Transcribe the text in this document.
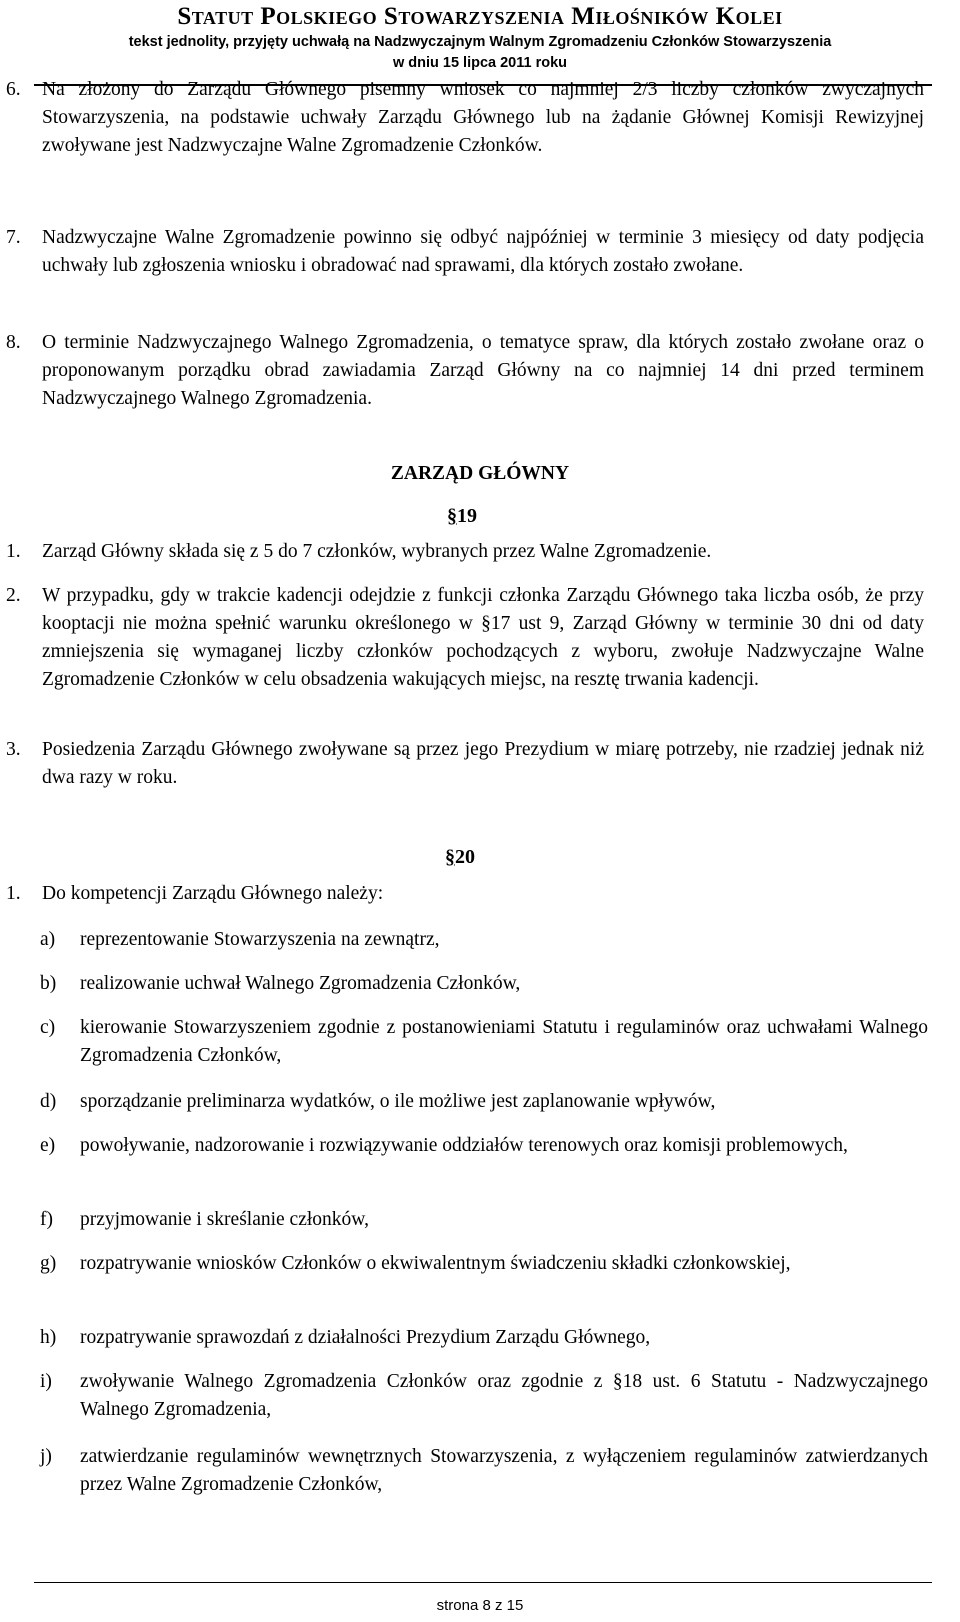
Statut Polskiego Stowarzyszenia Miłośników Kolei
tekst jednolity, przyjęty uchwałą na Nadzwyczajnym Walnym Zgromadzeniu Członków Stowarzyszenia
w dniu 15 lipca 2011 roku
6.	Na złożony do Zarządu Głównego pisemny wniosek co najmniej 2/3 liczby członków zwyczajnych Stowarzyszenia, na podstawie uchwały Zarządu Głównego lub na żądanie Głównej Komisji Rewizyjnej zwoływane jest Nadzwyczajne Walne Zgromadzenie Członków.
7.	Nadzwyczajne Walne Zgromadzenie powinno się odbyć najpóźniej w terminie 3 miesięcy od daty podjęcia uchwały lub zgłoszenia wniosku i obradować nad sprawami, dla których zostało zwołane.
8.	O terminie Nadzwyczajnego Walnego Zgromadzenia, o tematyce spraw, dla których zostało zwołane oraz o proponowanym porządku obrad zawiadamia Zarząd Główny na co najmniej 14 dni przed terminem Nadzwyczajnego Walnego Zgromadzenia.
ZARZĄD GŁÓWNY
§19
1.	Zarząd Główny składa się z 5 do 7 członków, wybranych przez Walne Zgromadzenie.
2.	W przypadku, gdy w trakcie kadencji odejdzie z funkcji członka Zarządu Głównego taka liczba osób, że przy kooptacji nie można spełnić warunku określonego w §17 ust 9, Zarząd Główny w terminie 30 dni od daty zmniejszenia się wymaganej liczby członków pochodzących z wyboru, zwołuje Nadzwyczajne Walne Zgromadzenie Członków w celu obsadzenia wakujących miejsc, na resztę trwania kadencji.
3.	Posiedzenia Zarządu Głównego zwoływane są przez jego Prezydium w miarę potrzeby, nie rzadziej jednak niż dwa razy w roku.
§20
1.	Do kompetencji Zarządu Głównego należy:
a)	reprezentowanie Stowarzyszenia na zewnątrz,
b)	realizowanie uchwał Walnego Zgromadzenia Członków,
c)	kierowanie Stowarzyszeniem zgodnie z postanowieniami Statutu i regulaminów oraz uchwałami Walnego Zgromadzenia Członków,
d)	sporządzanie preliminarza wydatków, o ile możliwe jest zaplanowanie wpływów,
e)	powoływanie, nadzorowanie i rozwiązywanie oddziałów terenowych oraz komisji problemowych,
f)	przyjmowanie i skreślanie członków,
g)	rozpatrywanie wniosków Członków o ekwiwalentnym świadczeniu składki członkowskiej,
h)	rozpatrywanie sprawozdań z działalności Prezydium Zarządu Głównego,
i)	zwoływanie Walnego Zgromadzenia Członków oraz zgodnie z §18 ust. 6 Statutu - Nadzwyczajnego Walnego Zgromadzenia,
j)	zatwierdzanie regulaminów wewnętrznych Stowarzyszenia, z wyłączeniem regulaminów zatwierdzanych przez Walne Zgromadzenie Członków,
strona 8 z 15
